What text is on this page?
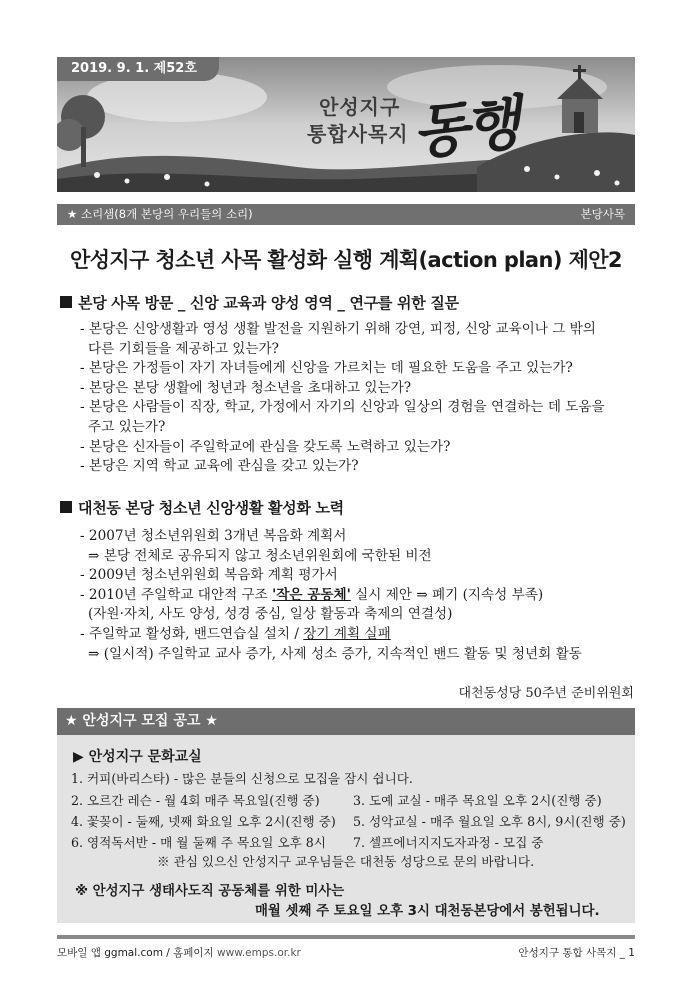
2019. 9. 1. 제52호
안성지구
통합사목지 동행
★ 소리샘(8개 본당의 우리들의 소리)	본당사목
안성지구 청소년 사목 활성화 실행 계획(action plan) 제안2
본당 사목 방문 _ 신앙 교육과 양성 영역 _ 연구를 위한 질문
- 본당은 신앙생활과 영성 생활 발전을 지원하기 위해 강연, 피정, 신앙 교육이나 그 밖의
다른 기회들을 제공하고 있는가?
- 본당은 가정들이 자기 자녀들에게 신앙을 가르치는 데 필요한 도움을 주고 있는가?
- 본당은 본당 생활에 청년과 청소년을 초대하고 있는가?
- 본당은 사람들이 직장, 학교, 가정에서 자기의 신앙과 일상의 경험을 연결하는 데 도움을
주고 있는가?
- 본당은 신자들이 주일학교에 관심을 갖도록 노력하고 있는가?
- 본당은 지역 학교 교육에 관심을 갖고 있는가?
대천동 본당 청소년 신앙생활 활성화 노력
- 2007년 청소년위원회 3개년 복음화 계획서
⇒ 본당 전체로 공유되지 않고 청소년위원회에 국한된 비전
- 2009년 청소년위원회 복음화 계획 평가서
- 2010년 주일학교 대안적 구조 '작은 공동체' 실시 제안 ⇒ 폐기 (지속성 부족)
(자원·자치, 사도 양성, 성경 중심, 일상 활동과 축제의 연결성)
- 주일학교 활성화, 밴드연습실 설치 / 장기 계획 실패
⇒ (일시적) 주일학교 교사 증가, 사제 성소 증가, 지속적인 밴드 활동 및 청년회 활동
대천동성당 50주년 준비위원회
★ 안성지구 모집 공고 ★
▶ 안성지구 문화교실
1. 커피(바리스타) - 많은 분들의 신청으로 모집을 잠시 쉽니다.
2. 오르간 레슨 - 월 4회 매주 목요일(진행 중)	3. 도예 교실 - 매주 목요일 오후 2시(진행 중)
4. 꽃꽂이 - 둘째, 넷째 화요일 오후 2시(진행 중) 5. 성악교실 - 매주 월요일 오후 8시, 9시(진행 중)
6. 영적독서반 - 매 월 둘째 주 목요일 오후 8시 7. 셀프에너지지도자과정 - 모집 중
※ 관심 있으신 안성지구 교우님들은 대천동 성당으로 문의 바랍니다.
※ 안성지구 생태사도직 공동체를 위한 미사는
매월 셋째 주 토요일 오후 3시 대천동본당에서 봉헌됩니다.
모바일 앱 ggmal.com / 홈페이지 www.emps.or.kr	안성지구 통합 사목지 _ 1
